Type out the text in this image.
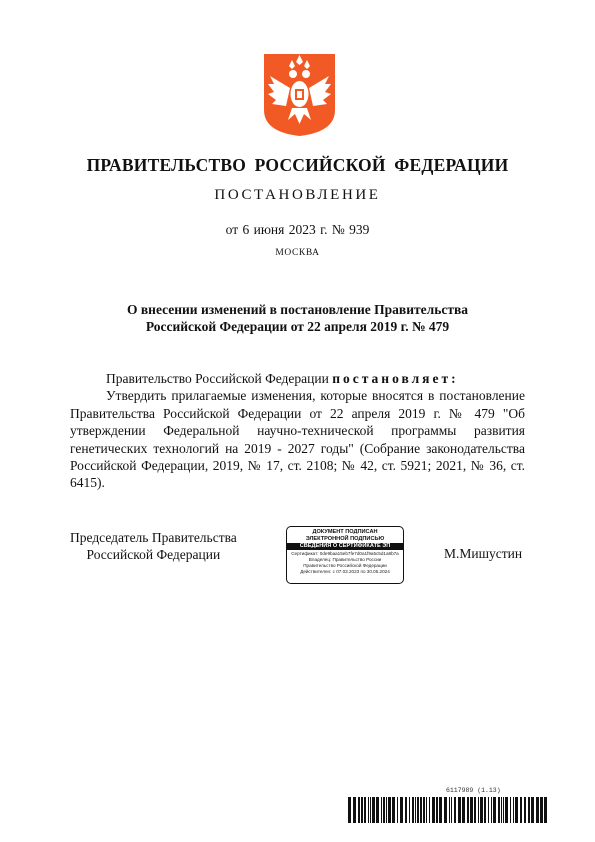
ПРАВИТЕЛЬСТВО РОССИЙСКОЙ ФЕДЕРАЦИИ
ПОСТАНОВЛЕНИЕ
от 6 июня 2023 г. № 939
МОСКВА
О внесении изменений в постановление Правительства
Российской Федерации от 22 апреля 2019 г. № 479

Правительство Российской Федерации постановляет:

Утвердить прилагаемые изменения, которые вносятся в постановление Правительства Российской Федерации от 22 апреля 2019 г. № 479 "Об утверждении Федеральной научно-технической программы развития генетических технологий на 2019 - 2027 годы" (Собрание законодательства Российской Федерации, 2019, № 17, ст. 2108; № 42, ст. 5921; 2021, № 36, ст. 6415).

Председатель Правительства
Российской Федерации
ДОКУМЕНТ ПОДПИСАН
ЭЛЕКТРОННОЙ ПОДПИСЬЮ
СВЕДЕНИЯ О СЕРТИФИКАТЕ ЭП
Сертификат: 0de9baa15eb7fe7d0a1f9a5c5d1a8b7a
Владелец: Правительство России
Правительство Российской Федерации
Действителен: с 07.03.2023 по 30.05.2024
М.Мишустин
6117989 (1.13)
